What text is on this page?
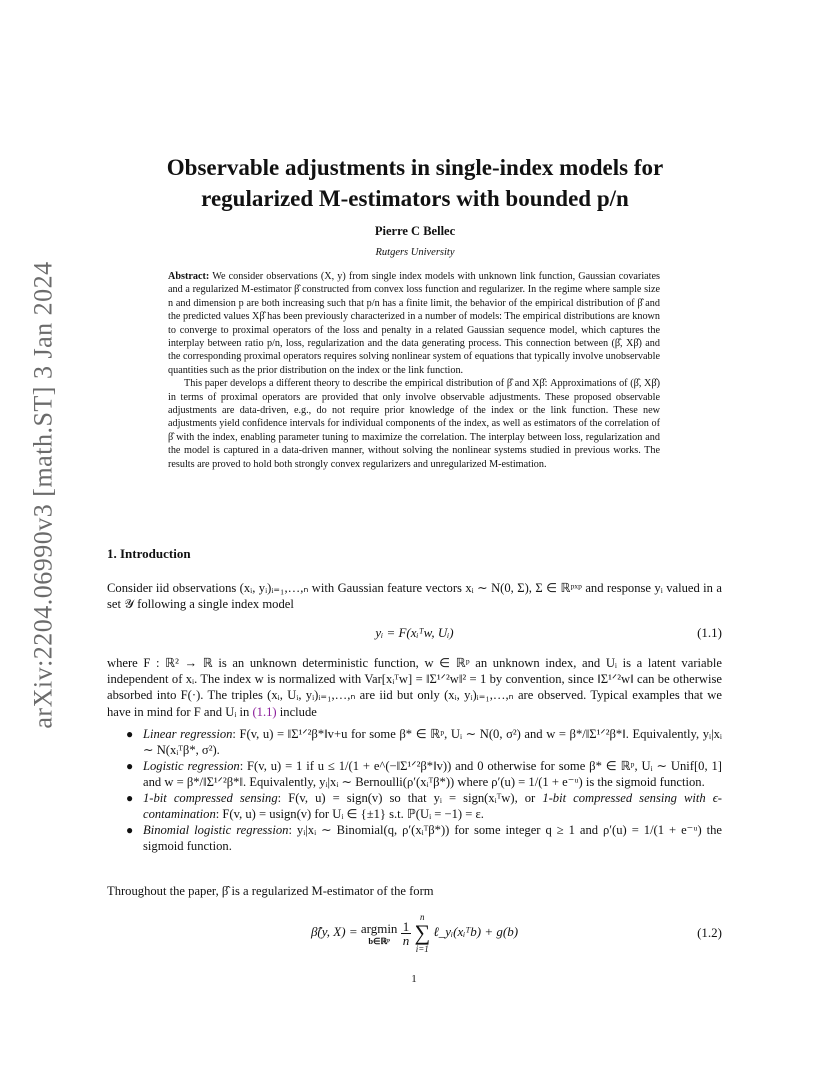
arXiv:2204.06990v3 [math.ST] 3 Jan 2024
Observable adjustments in single-index models for
regularized M-estimators with bounded p/n
Pierre C Bellec
Rutgers University

Abstract: We consider observations (X, y) from single index models with unknown link function, Gaussian covariates and a regularized M-estimator β̂ constructed from convex loss function and regularizer. In the regime where sample size n and dimension p are both increasing such that p/n has a finite limit, the behavior of the empirical distribution of β̂ and the predicted values Xβ̂ has been previously characterized in a number of models: The empirical distributions are known to converge to proximal operators of the loss and penalty in a related Gaussian sequence model, which captures the interplay between ratio p/n, loss, regularization and the data generating process. This connection between (β̂, Xβ̂) and the corresponding proximal operators requires solving nonlinear system of equations that typically involve unobservable quantities such as the prior distribution on the index or the link function.

This paper develops a different theory to describe the empirical distribution of β̂ and Xβ̂: Approximations of (β̂, Xβ̂) in terms of proximal operators are provided that only involve observable adjustments. These proposed observable adjustments are data-driven, e.g., do not require prior knowledge of the index or the link function. These new adjustments yield confidence intervals for individual components of the index, as well as estimators of the correlation of β̂ with the index, enabling parameter tuning to maximize the correlation. The interplay between loss, regularization and the model is captured in a data-driven manner, without solving the nonlinear systems studied in previous works. The results are proved to hold both strongly convex regularizers and unregularized M-estimation.

1. Introduction

Consider iid observations (xᵢ, yᵢ)ᵢ₌₁,…,ₙ with Gaussian feature vectors xᵢ ∼ N(0, Σ), Σ ∈ ℝᵖˣᵖ and response yᵢ valued in a set 𝒴 following a single index model

yᵢ = F(xᵢᵀw, Uᵢ)	(1.1)

where F : ℝ² → ℝ is an unknown deterministic function, w ∈ ℝᵖ an unknown index, and Uᵢ is a latent variable independent of xᵢ. The index w is normalized with Var[xᵢᵀw] = ‖Σ¹ᐟ²w‖² = 1 by convention, since ‖Σ¹ᐟ²w‖ can be otherwise absorbed into F(·). The triples (xᵢ, Uᵢ, yᵢ)ᵢ₌₁,…,ₙ are iid but only (xᵢ, yᵢ)ᵢ₌₁,…,ₙ are observed. Typical examples that we have in mind for F and Uᵢ in (1.1) include

● Linear regression: F(v, u) = ‖Σ¹ᐟ²β*‖v+u for some β* ∈ ℝᵖ, Uᵢ ∼ N(0, σ²) and w = β*/‖Σ¹ᐟ²β*‖. Equivalently, yᵢ|xᵢ ∼ N(xᵢᵀβ*, σ²).
● Logistic regression: F(v, u) = 1 if u ≤ 1/(1 + e^(−‖Σ¹ᐟ²β*‖v)) and 0 otherwise for some β* ∈ ℝᵖ, Uᵢ ∼ Unif[0, 1] and w = β*/‖Σ¹ᐟ²β*‖. Equivalently, yᵢ|xᵢ ∼ Bernoulli(ρ′(xᵢᵀβ*)) where ρ′(u) = 1/(1 + e⁻ᵘ) is the sigmoid function.
● 1-bit compressed sensing: F(v, u) = sign(v) so that yᵢ = sign(xᵢᵀw), or 1-bit compressed sensing with ϵ-contamination: F(v, u) = usign(v) for Uᵢ ∈ {±1} s.t. ℙ(Uᵢ = −1) = ε.
● Binomial logistic regression: yᵢ|xᵢ ∼ Binomial(q, ρ′(xᵢᵀβ*)) for some integer q ≥ 1 and ρ′(u) = 1/(1 + e⁻ᵘ) the sigmoid function.

Throughout the paper, β̂ is a regularized M-estimator of the form

β̂(y, X) = argmin
b∈ℝᵖ
$\frac{1}{n}$

n
∑
i=1
ℓ_yᵢ(xᵢᵀb) + g(b)	(1.2)
1
